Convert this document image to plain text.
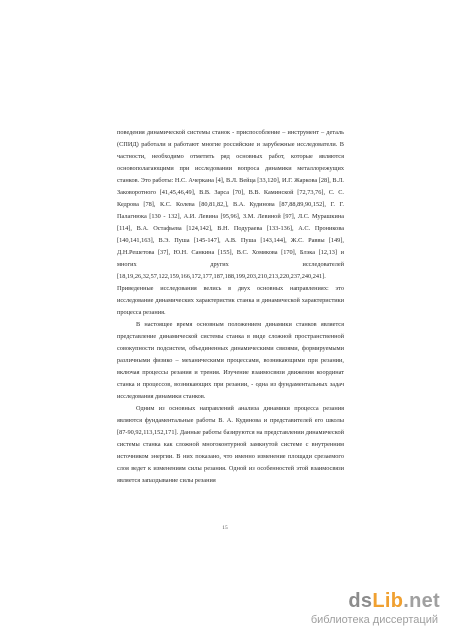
поведения динамической системы станок - приспособление – инструмент – деталь (СПИД) работали и работают многие российские и зарубежные исследователи. В частности, необходимо отметить ряд основных работ, которые являются основополагающими при исследовании вопроса динамики металлорежущих станков. Это работы: Н.С. Ачеркана [4], В.Л. Вейца [33,120], И.Г. Жаркова [28], В.Л. Заковоротного [41,45,46,49], В.В. Зарса [70], В.В. Каминской [72,73,76], С. С. Кедрова [78], К.С. Колева [80,81,82,], В.А. Кудинова [87,88,89,90,152], Г. Г. Палагнюка [130 - 132], А.И. Левина [95,96], З.М. Левиной [97], Л.С. Мурашкина [114], В.А. Остафьева [124,142], В.Н. Подураева [133-136], А.С. Проникова [140,141,163], В.Э. Пуша [145-147], А.В. Пуша [143,144], Ж.С. Раввы [149], Д.Н.Решетова [37], Ю.Н. Санкина [155], В.С. Хомякова [170], Блэка [12,13] и многих других исследователей [18,19,26,32,57,122,159,166,172,177,187,188,199,203,210,213,220,237,240,241].

Приведенные исследования велись в двух основных направлениях: это исследование динамических характеристик станка и динамической характеристики процесса резания.

В настоящее время основным положением динамики станков является представление динамической системы станка в виде сложной пространственной совокупности подсистем, объединенных динамическими связями, формируемыми различными физико – механическими процессами, возникающими при резании, включая процессы резания и трения. Изучение взаимосвязи движения координат станка и процессов, возникающих при резании, - одна из фундаментальных задач исследования динамики станков.

Одним из основных направлений анализа динамики процесса резания являются фундаментальные работы В. А. Кудинова и представителей его школы [87-90,92,113,152,171]. Данные работы базируются на представлении динамической системы станка как сложной многоконтурной замкнутой системе с внутренним источником энергии. В них показано, что именно изменение площади срезаемого слоя ведет к изменениям силы резания. Одной из особенностей этой взаимосвязи является запаздывание силы резания

15
dsLib.net
библиотека диссертаций
